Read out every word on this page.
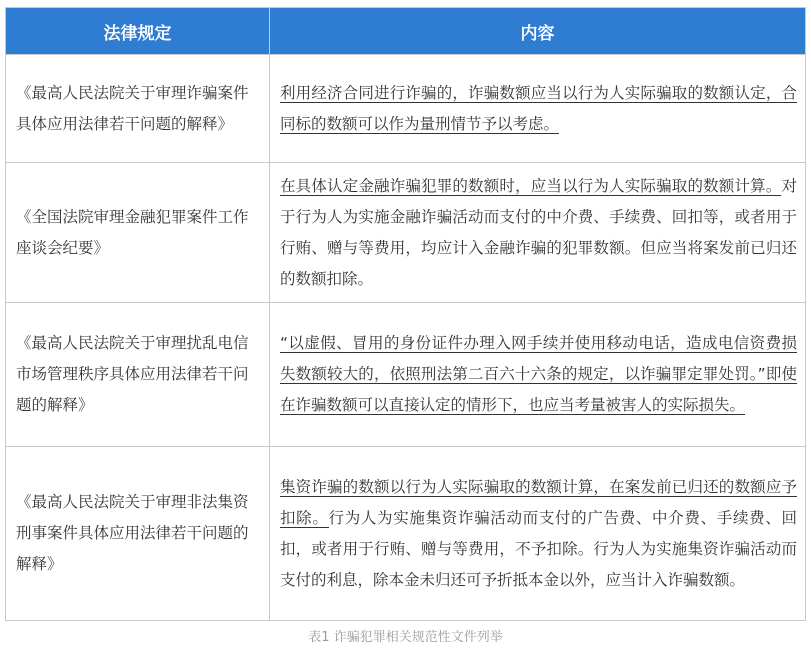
法律规定	内容
《最高人民法院关于审理诈骗案件具体应用法律若干问题的解释》	利用经济合同进行诈骗的，诈骗数额应当以行为人实际骗取的数额认定，合同标的数额可以作为量刑情节予以考虑。
《全国法院审理金融犯罪案件工作座谈会纪要》	在具体认定金融诈骗犯罪的数额时，应当以行为人实际骗取的数额计算。对于行为人为实施金融诈骗活动而支付的中介费、手续费、回扣等，或者用于行贿、赠与等费用，均应计入金融诈骗的犯罪数额。但应当将案发前已归还的数额扣除。
《最高人民法院关于审理扰乱电信市场管理秩序具体应用法律若干问题的解释》	“以虚假、冒用的身份证件办理入网手续并使用移动电话，造成电信资费损失数额较大的，依照刑法第二百六十六条的规定，以诈骗罪定罪处罚。”即使在诈骗数额可以直接认定的情形下，也应当考量被害人的实际损失。
《最高人民法院关于审理非法集资刑事案件具体应用法律若干问题的解释》	集资诈骗的数额以行为人实际骗取的数额计算，在案发前已归还的数额应予扣除。行为人为实施集资诈骗活动而支付的广告费、中介费、手续费、回扣，或者用于行贿、赠与等费用，不予扣除。行为人为实施集资诈骗活动而支付的利息，除本金未归还可予折抵本金以外，应当计入诈骗数额。
表1 诈骗犯罪相关规范性文件列举
